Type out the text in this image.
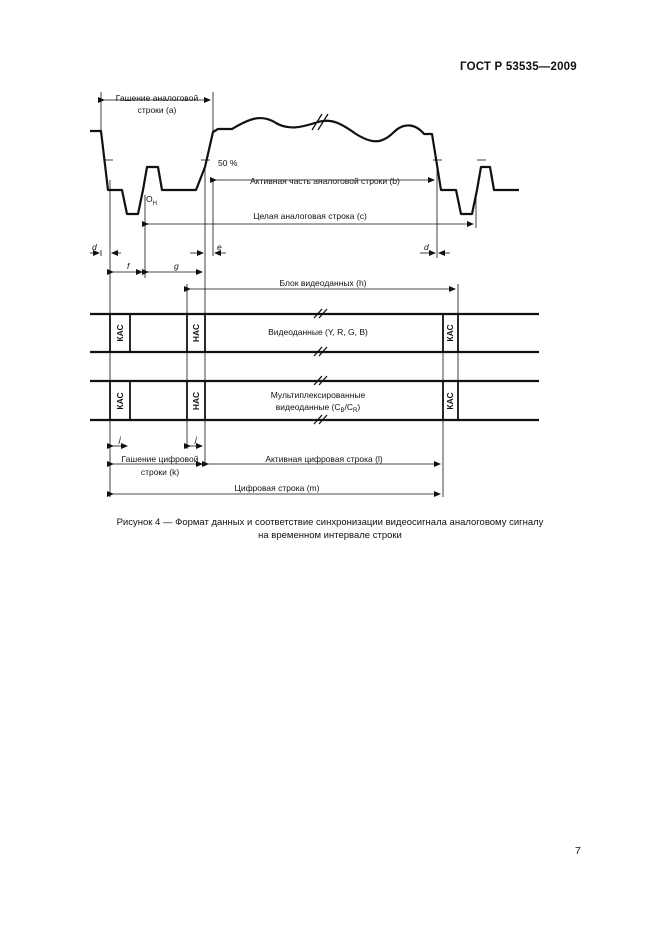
ГОСТ Р 53535—2009
Гашение аналоговой
строки (a)
50 %
$O_H$
Активная часть аналоговой строки (b)
Целая аналоговая строка (c)
d	d
e
f	g
Блок видеоданных (h)
Видеоданные (Y, R, G, B)
Мультиплексированные
видеоданные $(C_B/C_R)$
КАС	НАС	КАС
КАС	НАС	КАС
j	j
Гашение цифровой
строки (k)
Активная цифровая строка (l)
Цифровая строка (m)
Рисунок 4 — Формат данных и соответствие синхронизации видеосигнала аналоговому сигналу
на временном интервале строки
7
